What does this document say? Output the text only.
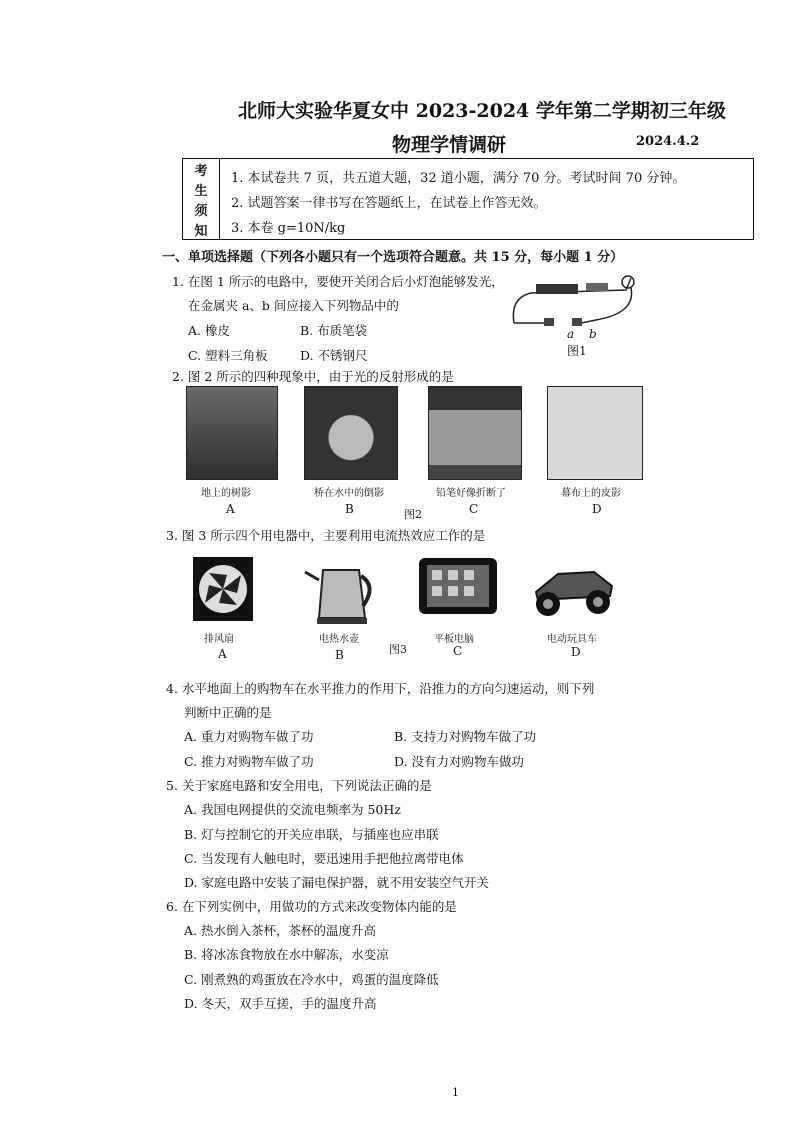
北师大实验华夏女中 2023-2024 学年第二学期初三年级
物理学情调研	2024.4.2
考
生
须
知
1. 本试卷共 7 页，共五道大题，32 道小题，满分 70 分。考试时间 70 分钟。
2. 试题答案一律书写在答题纸上，在试卷上作答无效。
3. 本卷 g=10N/kg
一、单项选择题（下列各小题只有一个选项符合题意。共 15 分，每小题 1 分）
1. 在图 1 所示的电路中，要使开关闭合后小灯泡能够发光，
在金属夹 a、b 间应接入下列物品中的
A. 橡皮	B. 布质笔袋
C. 塑料三角板	D. 不锈钢尺
a b
图1
2. 图 2 所示的四种现象中，由于光的反射形成的是
地上的树影	桥在水中的倒影	铅笔好像折断了	幕布上的皮影
A	B	图2	C	D
3. 图 3 所示四个用电器中，主要利用电流热效应工作的是
排风扇	电热水壶	平板电脑	电动玩具车
A	B	图3	C	D
4. 水平地面上的购物车在水平推力的作用下，沿推力的方向匀速运动，则下列
判断中正确的是
A. 重力对购物车做了功	B. 支持力对购物车做了功
C. 推力对购物车做了功	D. 没有力对购物车做功
5. 关于家庭电路和安全用电，下列说法正确的是
A. 我国电网提供的交流电频率为 50Hz
B. 灯与控制它的开关应串联，与插座也应串联
C. 当发现有人触电时，要迅速用手把他拉离带电体
D. 家庭电路中安装了漏电保护器，就不用安装空气开关
6. 在下列实例中，用做功的方式来改变物体内能的是
A. 热水倒入茶杯，茶杯的温度升高
B. 将冰冻食物放在水中解冻，水变凉
C. 刚煮熟的鸡蛋放在冷水中，鸡蛋的温度降低
D. 冬天，双手互搓，手的温度升高
1
